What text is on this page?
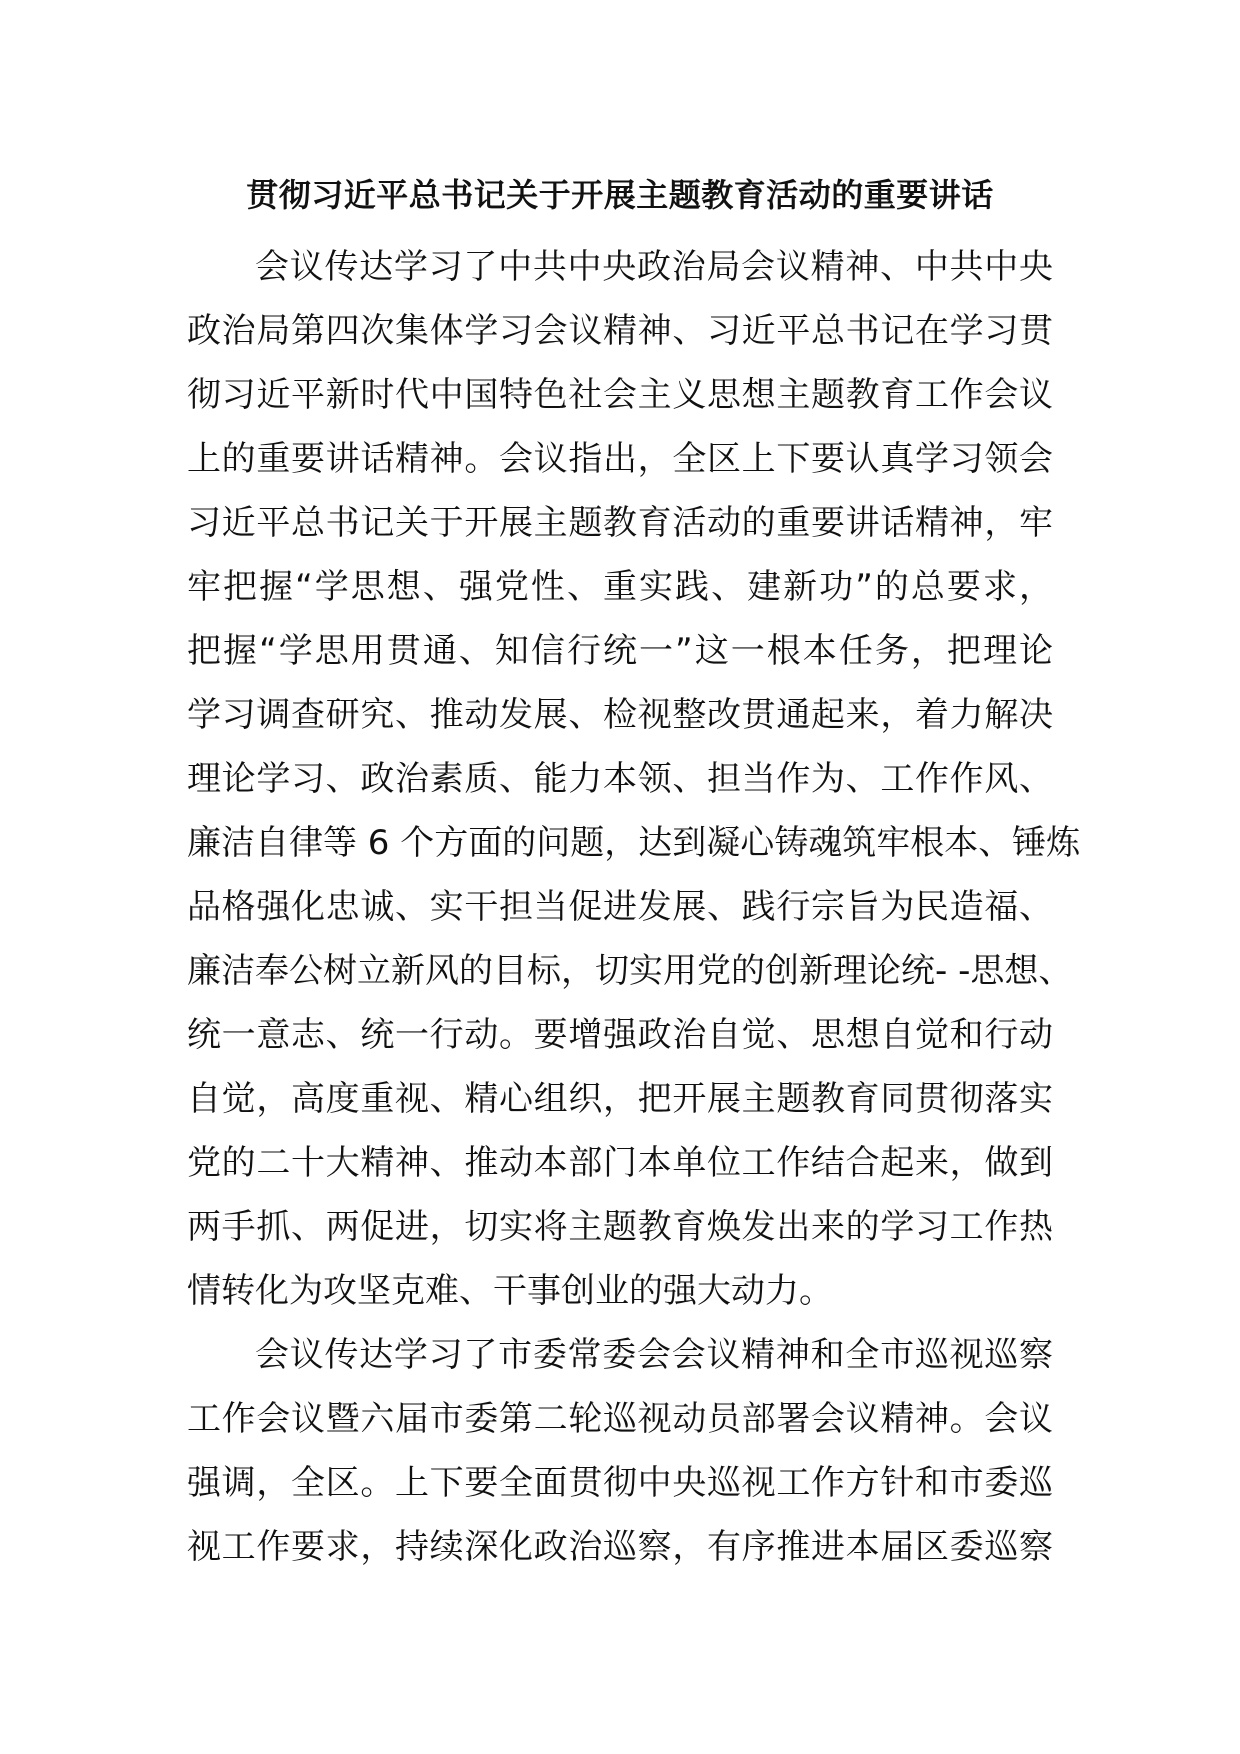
贯彻习近平总书记关于开展主题教育活动的重要讲话
会议传达学习了中共中央政治局会议精神、中共中央
政治局第四次集体学习会议精神、习近平总书记在学习贯
彻习近平新时代中国特色社会主义思想主题教育工作会议
上的重要讲话精神。会议指出，全区上下要认真学习领会
习近平总书记关于开展主题教育活动的重要讲话精神，牢
牢把握“学思想、强党性、重实践、建新功”的总要求，
把握“学思用贯通、知信行统一”这一根本任务，把理论
学习调查研究、推动发展、检视整改贯通起来，着力解决
理论学习、政治素质、能力本领、担当作为、工作作风、
廉洁自律等 6 个方面的问题，达到凝心铸魂筑牢根本、锤炼
品格强化忠诚、实干担当促进发展、践行宗旨为民造福、
廉洁奉公树立新风的目标，切实用党的创新理论统- -思想、
统一意志、统一行动。要增强政治自觉、思想自觉和行动
自觉，高度重视、精心组织，把开展主题教育同贯彻落实
党的二十大精神、推动本部门本单位工作结合起来，做到
两手抓、两促进，切实将主题教育焕发出来的学习工作热
情转化为攻坚克难、干事创业的强大动力。
会议传达学习了市委常委会会议精神和全市巡视巡察
工作会议暨六届市委第二轮巡视动员部署会议精神。会议
强调，全区。上下要全面贯彻中央巡视工作方针和市委巡
视工作要求，持续深化政治巡察，有序推进本届区委巡察
